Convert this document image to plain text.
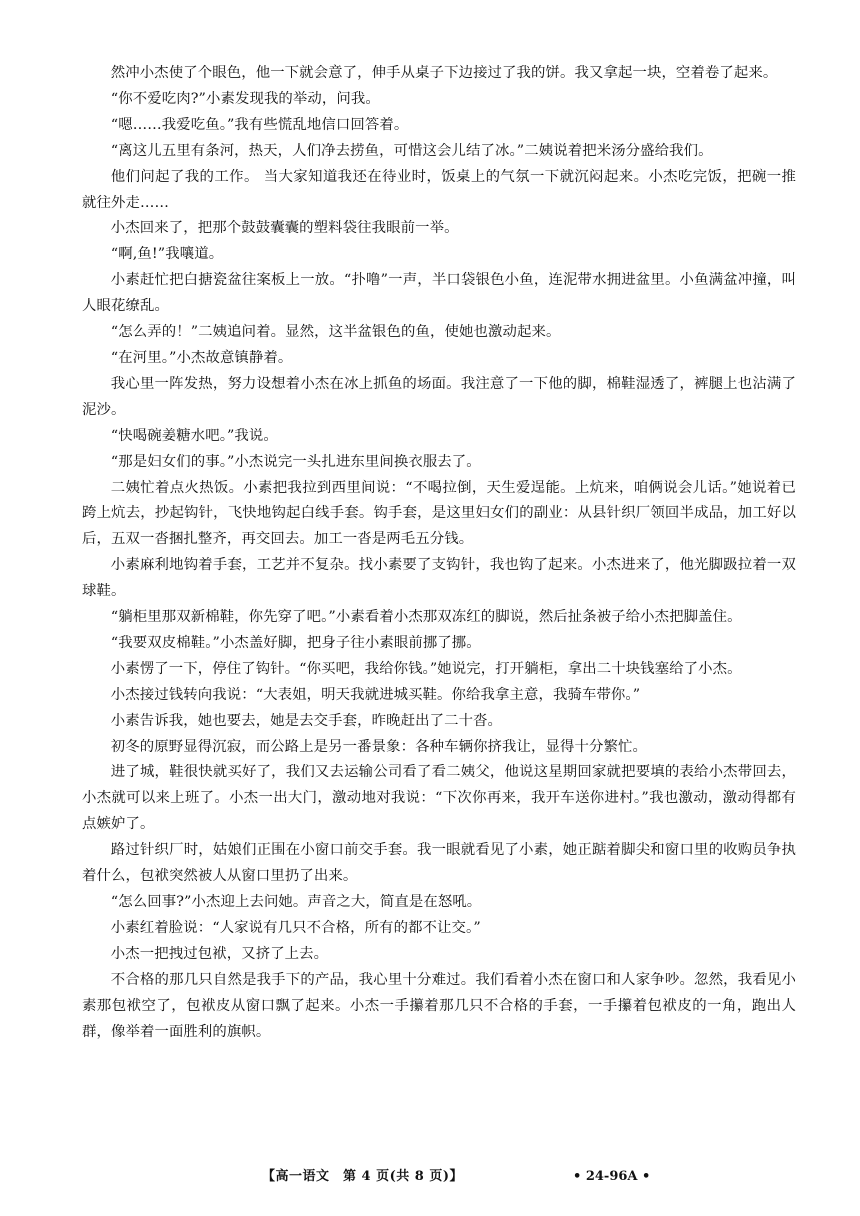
然冲小杰使了个眼色，他一下就会意了，伸手从桌子下边接过了我的饼。我又拿起一块，空着卷了起来。

“你不爱吃肉?”小素发现我的举动，问我。

“嗯……我爱吃鱼。”我有些慌乱地信口回答着。

“离这儿五里有条河，热天，人们净去捞鱼，可惜这会儿结了冰。”二姨说着把米汤分盛给我们。

他们问起了我的工作。 当大家知道我还在待业时，饭桌上的气氛一下就沉闷起来。小杰吃完饭，把碗一推就往外走……

小杰回来了，把那个鼓鼓囊囊的塑料袋往我眼前一举。

“啊,鱼!”我嚷道。

小素赶忙把白搪瓷盆往案板上一放。“扑噜”一声，半口袋银色小鱼，连泥带水拥进盆里。小鱼满盆冲撞，叫人眼花缭乱。

“怎么弄的！”二姨追问着。显然，这半盆银色的鱼，使她也激动起来。

“在河里。”小杰故意镇静着。

我心里一阵发热，努力设想着小杰在冰上抓鱼的场面。我注意了一下他的脚，棉鞋湿透了，裤腿上也沾满了泥沙。

“快喝碗姜糖水吧。”我说。

“那是妇女们的事。”小杰说完一头扎进东里间换衣服去了。

二姨忙着点火热饭。小素把我拉到西里间说：“不喝拉倒，天生爱逞能。上炕来，咱俩说会儿话。”她说着已跨上炕去，抄起钩针，飞快地钩起白线手套。钩手套，是这里妇女们的副业：从县针织厂领回半成品，加工好以后，五双一沓捆扎整齐，再交回去。加工一沓是两毛五分钱。

小素麻利地钩着手套，工艺并不复杂。找小素要了支钩针，我也钩了起来。小杰进来了，他光脚趿拉着一双球鞋。

“躺柜里那双新棉鞋，你先穿了吧。”小素看着小杰那双冻红的脚说，然后扯条被子给小杰把脚盖住。

“我要双皮棉鞋。”小杰盖好脚，把身子往小素眼前挪了挪。

小素愣了一下，停住了钩针。“你买吧，我给你钱。”她说完，打开躺柜，拿出二十块钱塞给了小杰。

小杰接过钱转向我说：“大表姐，明天我就进城买鞋。你给我拿主意，我骑车带你。”

小素告诉我，她也要去，她是去交手套，昨晚赶出了二十沓。

初冬的原野显得沉寂，而公路上是另一番景象：各种车辆你挤我让，显得十分繁忙。

进了城，鞋很快就买好了，我们又去运输公司看了看二姨父，他说这星期回家就把要填的表给小杰带回去，小杰就可以来上班了。小杰一出大门，激动地对我说：“下次你再来，我开车送你进村。”我也激动，激动得都有点嫉妒了。

路过针织厂时，姑娘们正围在小窗口前交手套。我一眼就看见了小素，她正踮着脚尖和窗口里的收购员争执着什么，包袱突然被人从窗口里扔了出来。

“怎么回事?”小杰迎上去问她。声音之大，简直是在怒吼。

小素红着脸说：“人家说有几只不合格，所有的都不让交。”

小杰一把拽过包袱，又挤了上去。

不合格的那几只自然是我手下的产品，我心里十分难过。我们看着小杰在窗口和人家争吵。忽然，我看见小素那包袱空了，包袱皮从窗口飘了起来。小杰一手攥着那几只不合格的手套，一手攥着包袱皮的一角，跑出人群，像举着一面胜利的旗帜。

【高一语文　第 4 页(共 8 页)】	• 24-96A •
